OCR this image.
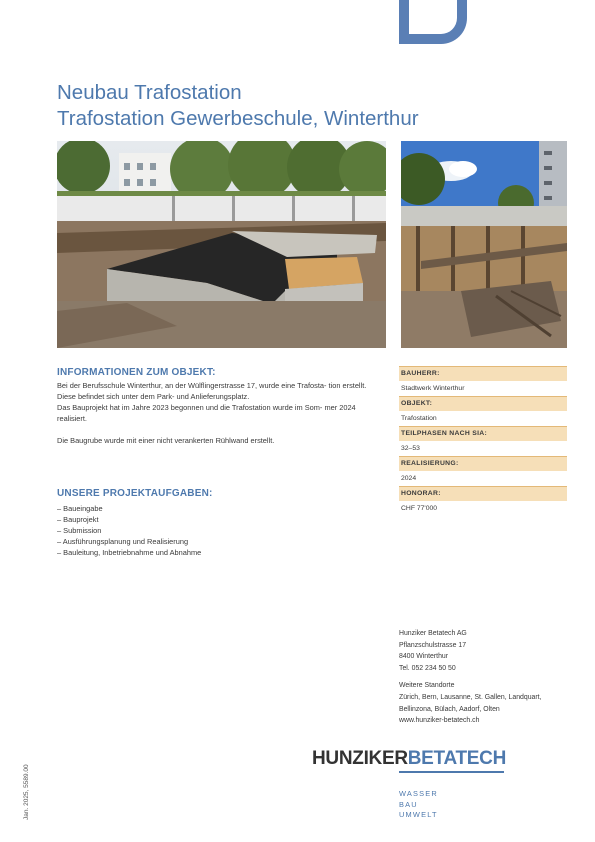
Neubau Trafostation
Trafostation Gewerbeschule, Winterthur
INFORMATIONEN ZUM OBJEKT:

Bei der Berufsschule Winterthur, an der Wülflingerstrasse 17, wurde eine Trafosta- tion erstellt. Diese befindet sich unter dem Park- und Anlieferungsplatz.

Das Bauprojekt hat im Jahre 2023 begonnen und die Trafostation wurde im Som- mer 2024 realisiert.

Die Baugrube wurde mit einer nicht verankerten Rühlwand erstellt.

UNSERE PROJEKTAUFGABEN:
– Baueingabe
– Bauprojekt
– Submission
– Ausführungsplanung und Realisierung
– Bauleitung, Inbetriebnahme und Abnahme
BAUHERR:
Stadtwerk Winterthur
OBJEKT:
Trafostation
TEILPHASEN NACH SIA:
32–53
REALISIERUNG:
2024
HONORAR:
CHF 77'000

Hunziker Betatech AG

Pflanzschulstrasse 17

8400 Winterthur

Tel. 052 234 50 50

Weitere Standorte

Zürich, Bern, Lausanne, St. Gallen, Landquart,

Bellinzona, Bülach, Aadorf, Olten

www.hunziker-betatech.ch

HUNZIKERBETATECH
WASSER
BAU
UMWELT
Jan. 2025, 5589.00
